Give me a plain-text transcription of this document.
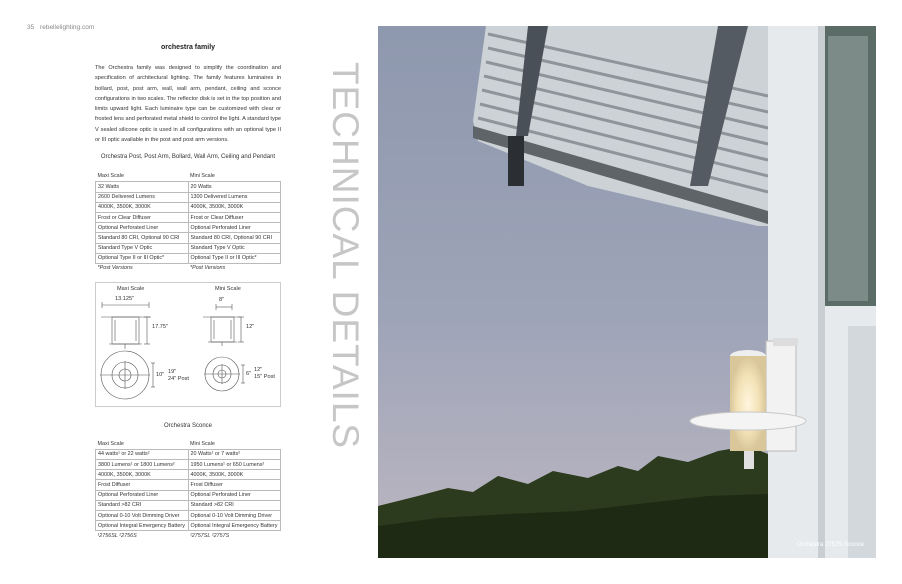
35 rebellelighting.com
orchestra family

The Orchestra family was designed to simplify the coordination and specification of architectural lighting. The family features luminaires in bollard, post, post arm, wall, wall arm, pendant, ceiling and sconce configurations in two scales. The reflector disk is set in the top position and limits upward light. Each luminaire type can be customized with clear or frosted lens and perforated metal shield to control the light. A standard type V sealed silicone optic is used in all configurations with an optional type II or III optic available in the post and post arm versions.

Orchestra Post, Post Arm, Bollard, Wall Arm, Ceiling and Pendant
Maxi Scale	Mini Scale
32 Watts	20 Watts
2600 Delivered Lumens	1300 Delivered Lumens
4000K, 3500K, 3000K	4000K, 3500K, 3000K
Frost or Clear Diffuser	Frost or Clear Diffuser
Optional Perforated Liner	Optional Perforated Liner
Standard 80 CRI, Optional 90 CRI	Standard 80 CRI, Optional 90 CRI
Standard Type V Optic	Standard Type V Optic
Optional Type II or III Optic*	Optional Type II or III Optic*
*Post Versions	*Post Versions
Maxi Scale	Mini Scale
13.125"
17.75"
8"
12"
10" 19"
24" Post
6"
12"
15" Post
Orchestra Sconce
Maxi Scale	Mini Scale
44 watts¹ or 22 watts²	20 Watts¹ or 7 watts²
3800 Lumens¹ or 1800 Lumens²	1950 Lumens¹ or 650 Lumens²
4000K, 3500K, 3000K	4000K, 3500K, 3000K
Frost Diffuser	Frost Diffuser
Optional Perforated Liner	Optional Perforated Liner
Standard >82 CRI	Standard >82 CRI
Optional 0-10 Volt Dimming Driver	Optional 0-10 Volt Dimming Driver
Optional Integral Emergency Battery	Optional Integral Emergency Battery
¹2756SL ²2756S	¹2757SL ²2757S
TECHNICAL DETAILS
Orchestra 2757S Sconce
